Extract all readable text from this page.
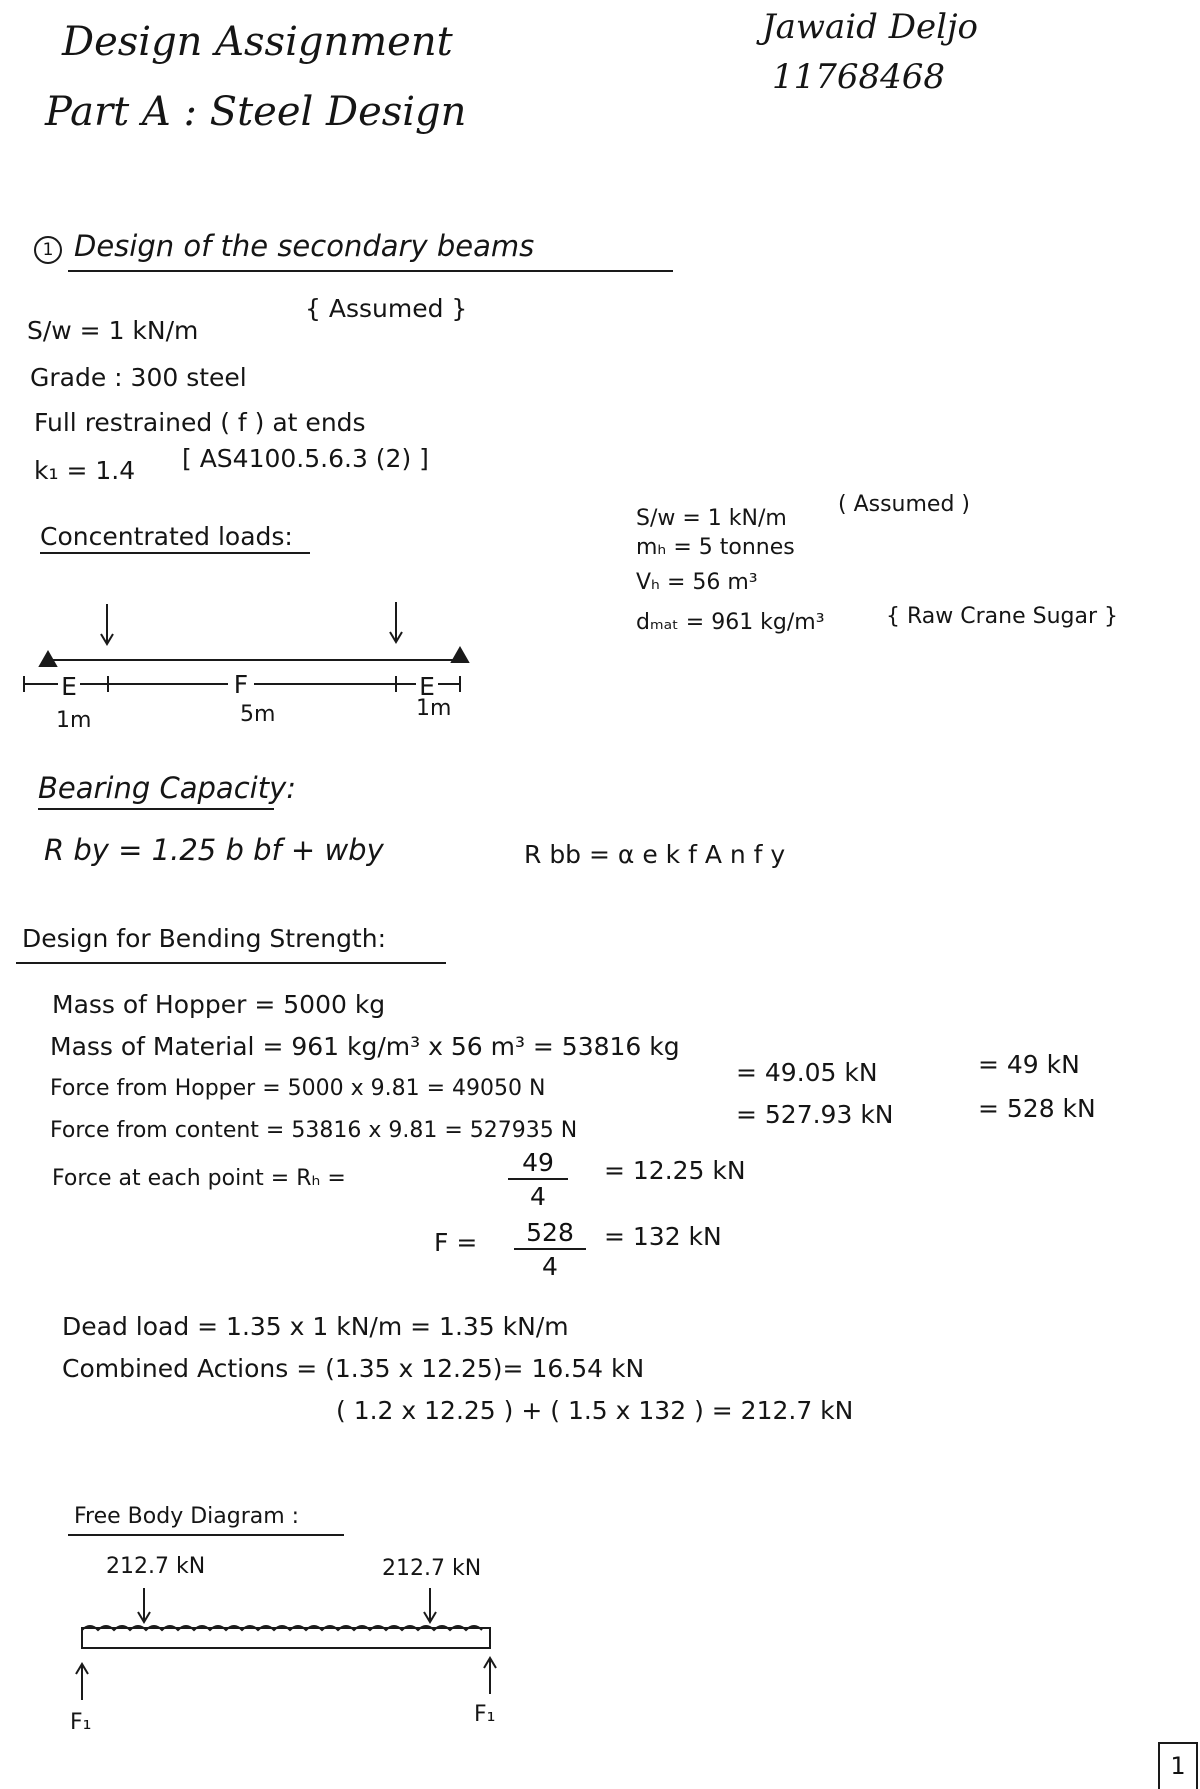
Design Assignment
Part A : Steel Design
Jawaid Deljo
11768468
1 Design of the secondary beams
S/w = 1 kN/m
{ Assumed }
Grade : 300 steel
Full restrained ( f ) at ends
k₁ = 1.4 [ AS4100.5.6.3 (2) ]
S/w = 1 kN/m
( Assumed )
mₕ = 5 tonnes
Vₕ = 56 m³
dₘₐₜ = 961 kg/m³	{ Raw Crane Sugar }
Concentrated loads:
E	F	E
1m	5m	1m
Bearing Capacity:
R by = 1.25 b bf + wby	R bb = α e k f A n f y
Design for Bending Strength:
Mass of Hopper = 5000 kg
Mass of Material = 961 kg/m³ x 56 m³ = 53816 kg
Force from Hopper = 5000 x 9.81 = 49050 N
= 49.05 kN	= 49 kN
Force from content = 53816 x 9.81 = 527935 N
= 527.93 kN	= 528 kN
Force at each point = Rₕ =	$\frac{49}{4} = 12.25$ kN
$F = \frac{528}{4} = 132$ kN
Dead load = 1.35 x 1 kN/m = 1.35 kN/m
Combined Actions = (1.35 x 12.25)= 16.54 kN
( 1.2 x 12.25 ) + ( 1.5 x 132 ) = 212.7 kN
Free Body Diagram :
212.7 kN	212.7 kN
F₁	F₁
1
